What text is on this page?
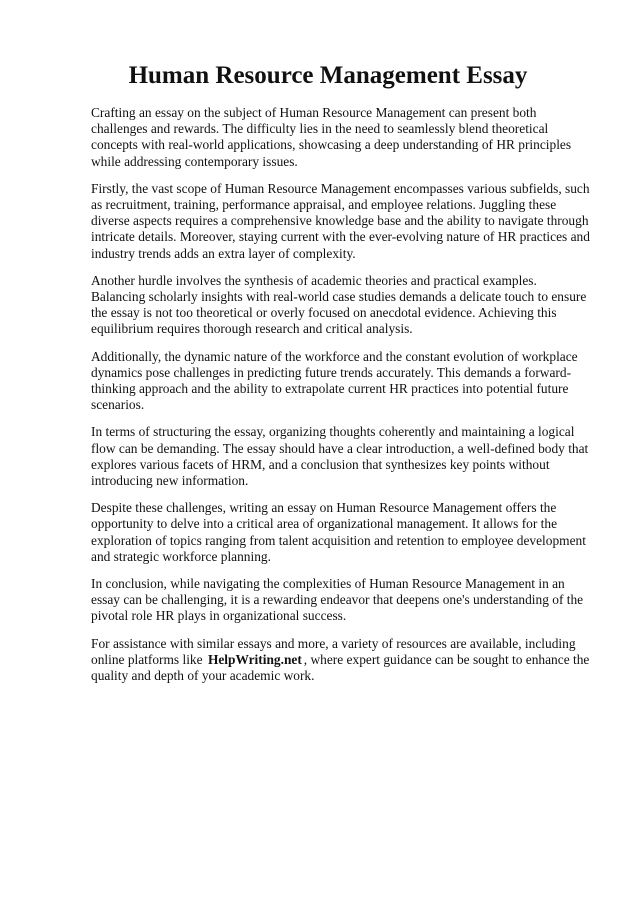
Human Resource Management Essay

Crafting an essay on the subject of Human Resource Management can present both challenges and rewards. The difficulty lies in the need to seamlessly blend theoretical concepts with real-world applications, showcasing a deep understanding of HR principles while addressing contemporary issues.

Firstly, the vast scope of Human Resource Management encompasses various subfields, such as recruitment, training, performance appraisal, and employee relations. Juggling these diverse aspects requires a comprehensive knowledge base and the ability to navigate through intricate details. Moreover, staying current with the ever-evolving nature of HR practices and industry trends adds an extra layer of complexity.

Another hurdle involves the synthesis of academic theories and practical examples. Balancing scholarly insights with real-world case studies demands a delicate touch to ensure the essay is not too theoretical or overly focused on anecdotal evidence. Achieving this equilibrium requires thorough research and critical analysis.

Additionally, the dynamic nature of the workforce and the constant evolution of workplace dynamics pose challenges in predicting future trends accurately. This demands a forward-thinking approach and the ability to extrapolate current HR practices into potential future scenarios.

In terms of structuring the essay, organizing thoughts coherently and maintaining a logical flow can be demanding. The essay should have a clear introduction, a well-defined body that explores various facets of HRM, and a conclusion that synthesizes key points without introducing new information.

Despite these challenges, writing an essay on Human Resource Management offers the opportunity to delve into a critical area of organizational management. It allows for the exploration of topics ranging from talent acquisition and retention to employee development and strategic workforce planning.

In conclusion, while navigating the complexities of Human Resource Management in an essay can be challenging, it is a rewarding endeavor that deepens one's understanding of the pivotal role HR plays in organizational success.

For assistance with similar essays and more, a variety of resources are available, including online platforms like HelpWriting.net , where expert guidance can be sought to enhance the quality and depth of your academic work.
